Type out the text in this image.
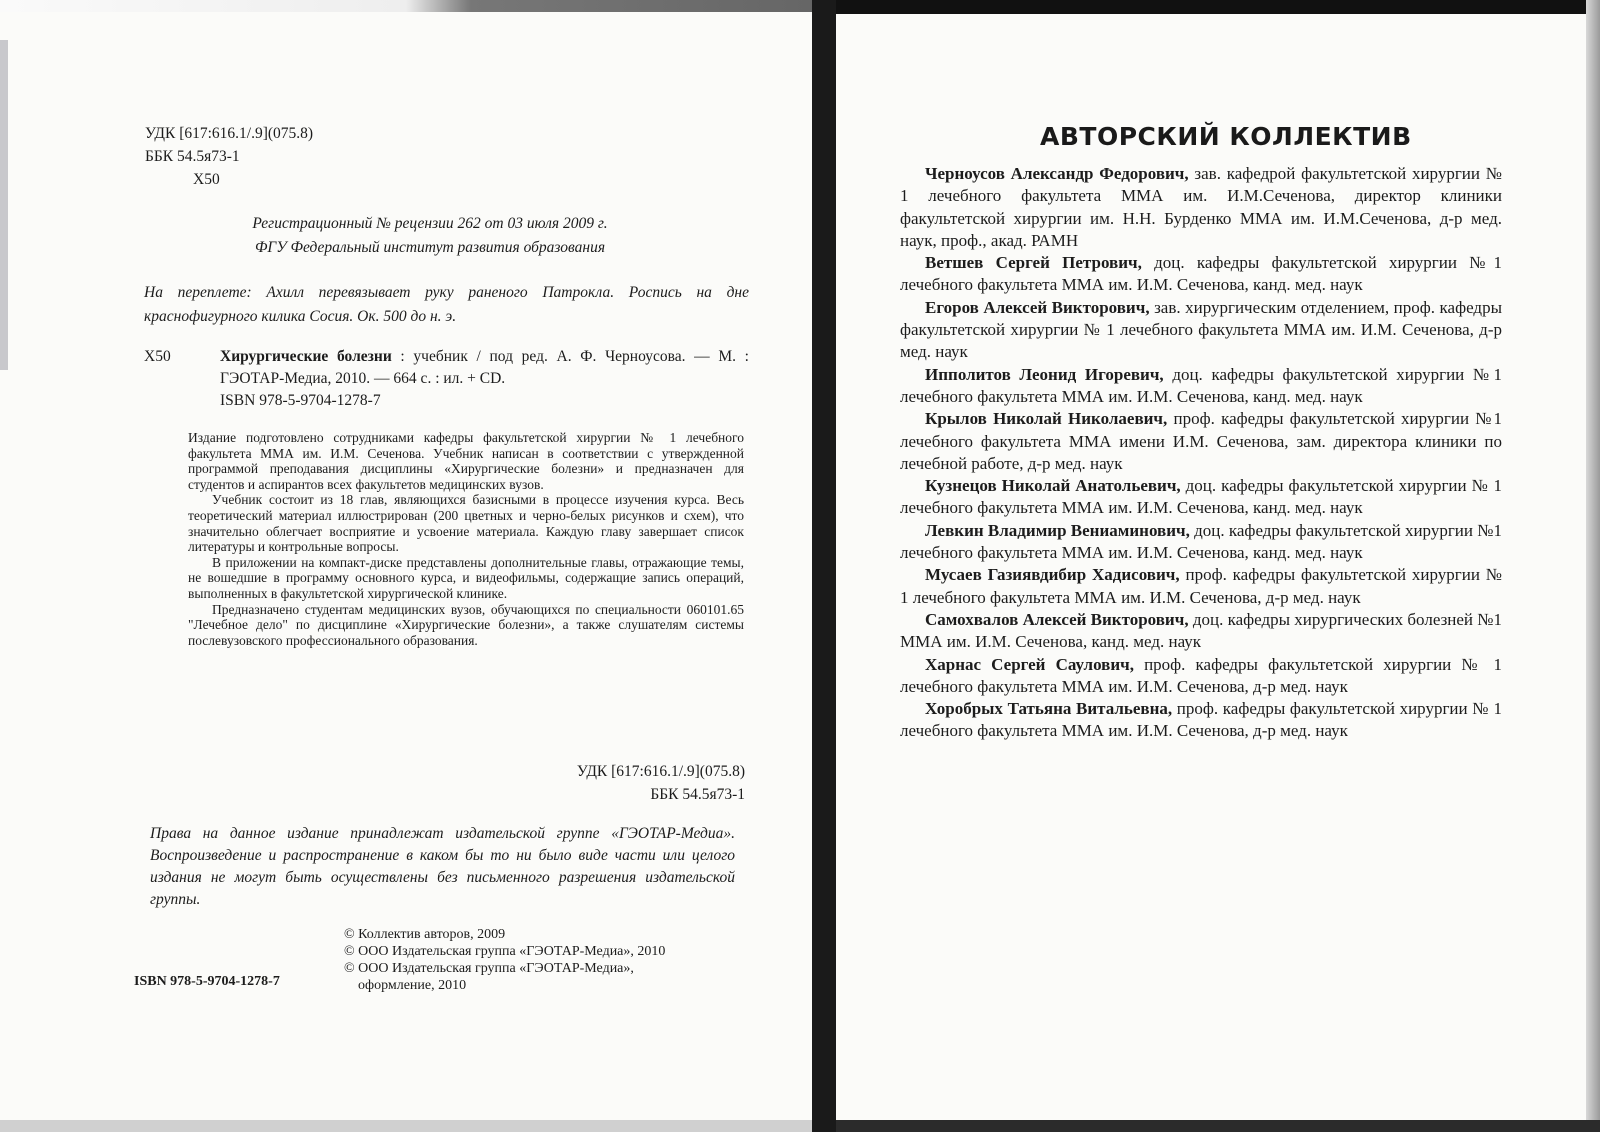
УДК [617:616.1/.9](075.8)
ББК 54.5я73-1
Х50
Регистрационный № рецензии 262 от 03 июля 2009 г.
ФГУ Федеральный институт развития образования
На переплете: Ахилл перевязывает руку раненого Патрокла. Роспись на дне краснофигурного килика Сосия. Ок. 500 до н. э.
Х50	Хирургические болезни : учебник / под ред. А. Ф. Черноусова. — М. : ГЭОТАР-Медиа, 2010. — 664 с. : ил. + CD.

ISBN 978-5-9704-1278-7

Издание подготовлено сотрудниками кафедры факультетской хирургии № 1 лечебного факультета ММА им. И.М. Сеченова. Учебник написан в соответствии с утвержденной программой преподавания дисциплины «Хирургические болезни» и предназначен для студентов и аспирантов всех факультетов медицинских вузов.

Учебник состоит из 18 глав, являющихся базисными в процессе изучения курса. Весь теоретический материал иллюстрирован (200 цветных и черно-белых рисунков и схем), что значительно облегчает восприятие и усвоение материала. Каждую главу завершает список литературы и контрольные вопросы.

В приложении на компакт-диске представлены дополнительные главы, отражающие темы, не вошедшие в программу основного курса, и видеофильмы, содержащие запись операций, выполненных в факультетской хирургической клинике.

Предназначено студентам медицинских вузов, обучающихся по специальности 060101.65 "Лечебное дело" по дисциплине «Хирургические болезни», а также слушателям системы послевузовского профессионального образования.

УДК [617:616.1/.9](075.8)
ББК 54.5я73-1
Права на данное издание принадлежат издательской группе «ГЭОТАР-Медиа». Воспроизведение и распространение в каком бы то ни было виде части или целого издания не могут быть осуществлены без письменного разрешения издательской группы.
© Коллектив авторов, 2009
© ООО Издательская группа «ГЭОТАР-Медиа», 2010
© ООО Издательская группа «ГЭОТАР-Медиа»,
оформление, 2010
ISBN 978-5-9704-1278-7
АВТОРСКИЙ КОЛЛЕКТИВ

Черноусов Александр Федорович, зав. кафедрой факультетской хирургии № 1 лечебного факультета ММА им. И.М.Сеченова, директор клиники факультетской хирургии им. Н.Н. Бурденко ММА им. И.М.Сеченова, д-р мед. наук, проф., акад. РАМН

Ветшев Сергей Петрович, доц. кафедры факультетской хирургии №1 лечебного факультета ММА им. И.М. Сеченова, канд. мед. наук

Егоров Алексей Викторович, зав. хирургическим отделением, проф. кафедры факультетской хирургии № 1 лечебного факультета ММА им. И.М. Сеченова, д-р мед. наук

Ипполитов Леонид Игоревич, доц. кафедры факультетской хирургии №1 лечебного факультета ММА им. И.М. Сеченова, канд. мед. наук

Крылов Николай Николаевич, проф. кафедры факультетской хирургии №1 лечебного факультета ММА имени И.М. Сеченова, зам. директора клиники по лечебной работе, д-р мед. наук

Кузнецов Николай Анатольевич, доц. кафедры факультетской хирургии № 1 лечебного факультета ММА им. И.М. Сеченова, канд. мед. наук

Левкин Владимир Вениаминович, доц. кафедры факультетской хирургии №1 лечебного факультета ММА им. И.М. Сеченова, канд. мед. наук

Мусаев Газиявдибир Хадисович, проф. кафедры факультетской хирургии № 1 лечебного факультета ММА им. И.М. Сеченова, д-р мед. наук

Самохвалов Алексей Викторович, доц. кафедры хирургических болезней №1 ММА им. И.М. Сеченова, канд. мед. наук

Харнас Сергей Саулович, проф. кафедры факультетской хирургии № 1 лечебного факультета ММА им. И.М. Сеченова, д-р мед. наук

Хоробрых Татьяна Витальевна, проф. кафедры факультетской хирургии № 1 лечебного факультета ММА им. И.М. Сеченова, д-р мед. наук
